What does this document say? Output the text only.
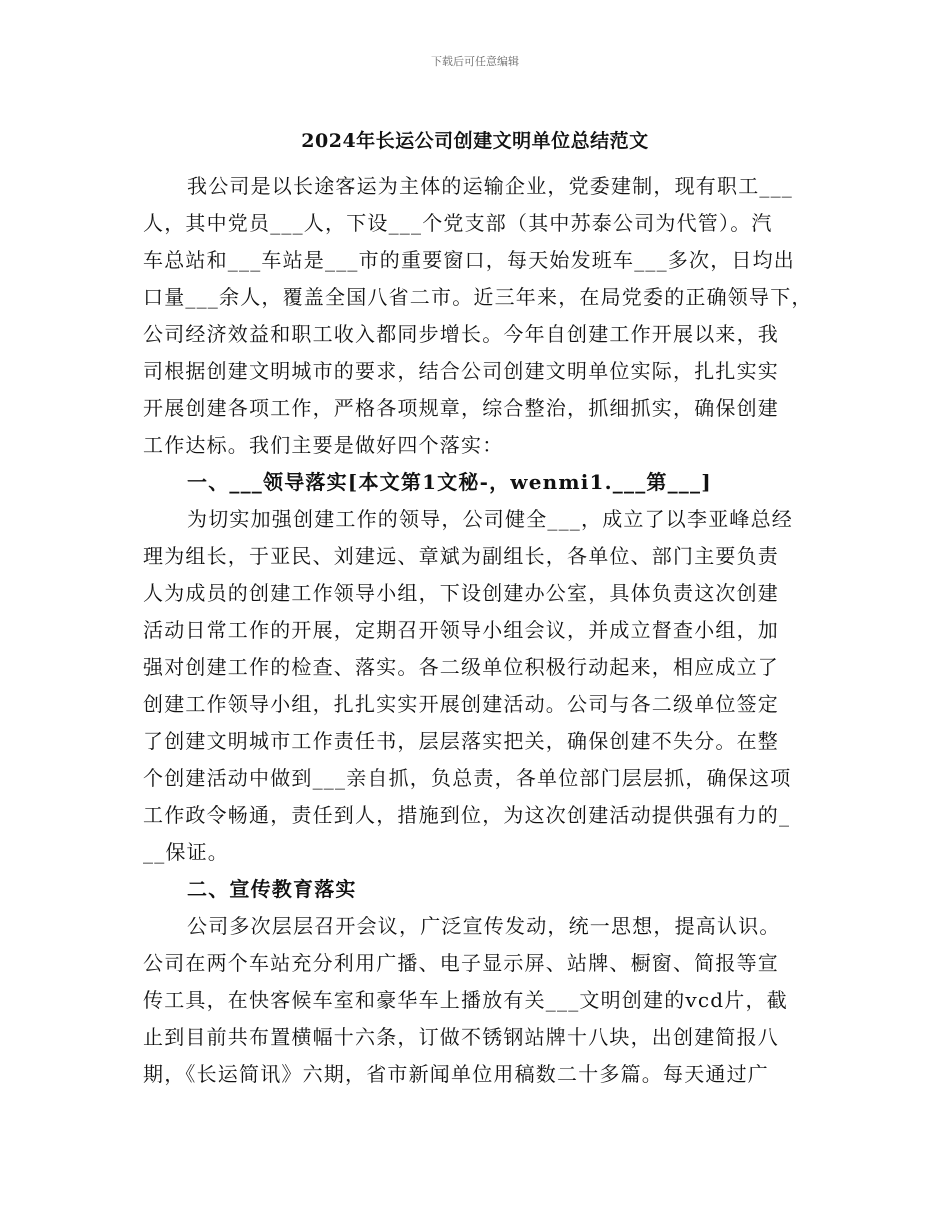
下载后可任意编辑
2024年长运公司创建文明单位总结范文
我公司是以长途客运为主体的运输企业，党委建制，现有职工___
人，其中党员___人，下设___个党支部（其中苏泰公司为代管）。汽
车总站和___车站是___市的重要窗口，每天始发班车___多次，日均出
口量___余人，覆盖全国八省二市。近三年来，在局党委的正确领导下，
公司经济效益和职工收入都同步增长。今年自创建工作开展以来，我
司根据创建文明城市的要求，结合公司创建文明单位实际，扎扎实实
开展创建各项工作，严格各项规章，综合整治，抓细抓实，确保创建
工作达标。我们主要是做好四个落实：
一、___领导落实[本文第1文秘-，wenmi1.___第___]
为切实加强创建工作的领导，公司健全___，成立了以李亚峰总经
理为组长，于亚民、刘建远、章斌为副组长，各单位、部门主要负责
人为成员的创建工作领导小组，下设创建办公室，具体负责这次创建
活动日常工作的开展，定期召开领导小组会议，并成立督查小组，加
强对创建工作的检查、落实。各二级单位积极行动起来，相应成立了
创建工作领导小组，扎扎实实开展创建活动。公司与各二级单位签定
了创建文明城市工作责任书，层层落实把关，确保创建不失分。在整
个创建活动中做到___亲自抓，负总责，各单位部门层层抓，确保这项
工作政令畅通，责任到人，措施到位，为这次创建活动提供强有力的_
__保证。
二、宣传教育落实
公司多次层层召开会议，广泛宣传发动，统一思想，提高认识。
公司在两个车站充分利用广播、电子显示屏、站牌、橱窗、简报等宣
传工具，在快客候车室和豪华车上播放有关___文明创建的vcd片，截
止到目前共布置横幅十六条，订做不锈钢站牌十八块，出创建简报八
期，《长运简讯》六期，省市新闻单位用稿数二十多篇。每天通过广
